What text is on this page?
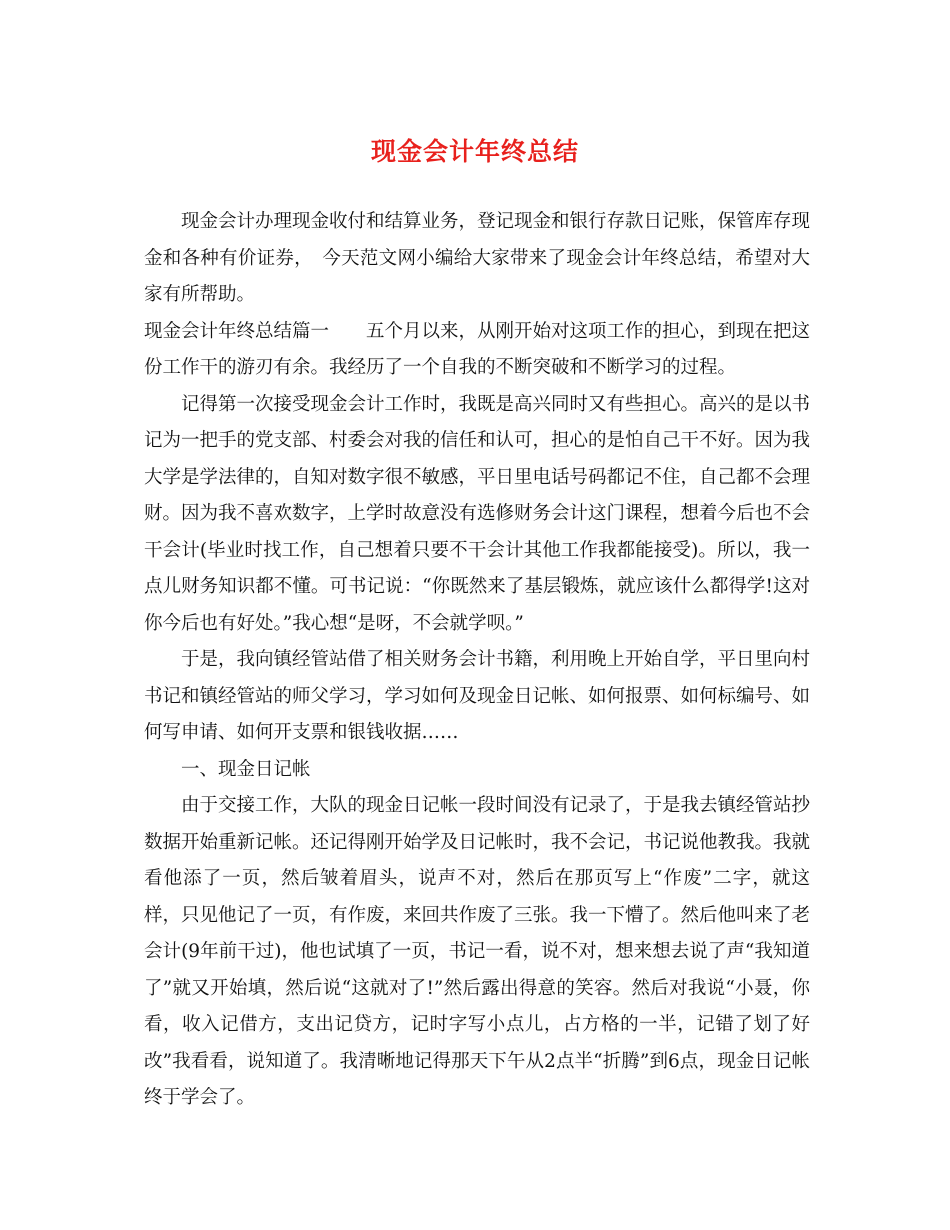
现金会计年终总结

现金会计办理现金收付和结算业务，登记现金和银行存款日记账，保管库存现金和各种有价证券，　今天范文网小编给大家带来了现金会计年终总结，希望对大家有所帮助。

现金会计年终总结篇一　　五个月以来，从刚开始对这项工作的担心，到现在把这份工作干的游刃有余。我经历了一个自我的不断突破和不断学习的过程。

记得第一次接受现金会计工作时，我既是高兴同时又有些担心。高兴的是以书记为一把手的党支部、村委会对我的信任和认可，担心的是怕自己干不好。因为我大学是学法律的，自知对数字很不敏感，平日里电话号码都记不住，自己都不会理财。因为我不喜欢数字，上学时故意没有选修财务会计这门课程，想着今后也不会干会计(毕业时找工作，自己想着只要不干会计其他工作我都能接受)。所以，我一点儿财务知识都不懂。可书记说：“你既然来了基层锻炼，就应该什么都得学!这对你今后也有好处。”我心想“是呀，不会就学呗。”

于是，我向镇经管站借了相关财务会计书籍，利用晚上开始自学，平日里向村书记和镇经管站的师父学习，学习如何及现金日记帐、如何报票、如何标编号、如何写申请、如何开支票和银钱收据……

一、现金日记帐

由于交接工作，大队的现金日记帐一段时间没有记录了，于是我去镇经管站抄数据开始重新记帐。还记得刚开始学及日记帐时，我不会记，书记说他教我。我就看他添了一页，然后皱着眉头，说声不对，然后在那页写上“作废”二字，就这样，只见他记了一页，有作废，来回共作废了三张。我一下懵了。然后他叫来了老会计(9年前干过)，他也试填了一页，书记一看，说不对，想来想去说了声“我知道了”就又开始填，然后说“这就对了!”然后露出得意的笑容。然后对我说“小聂，你看，收入记借方，支出记贷方，记时字写小点儿，占方格的一半，记错了划了好改”我看看，说知道了。我清晰地记得那天下午从2点半“折腾”到6点，现金日记帐终于学会了。
